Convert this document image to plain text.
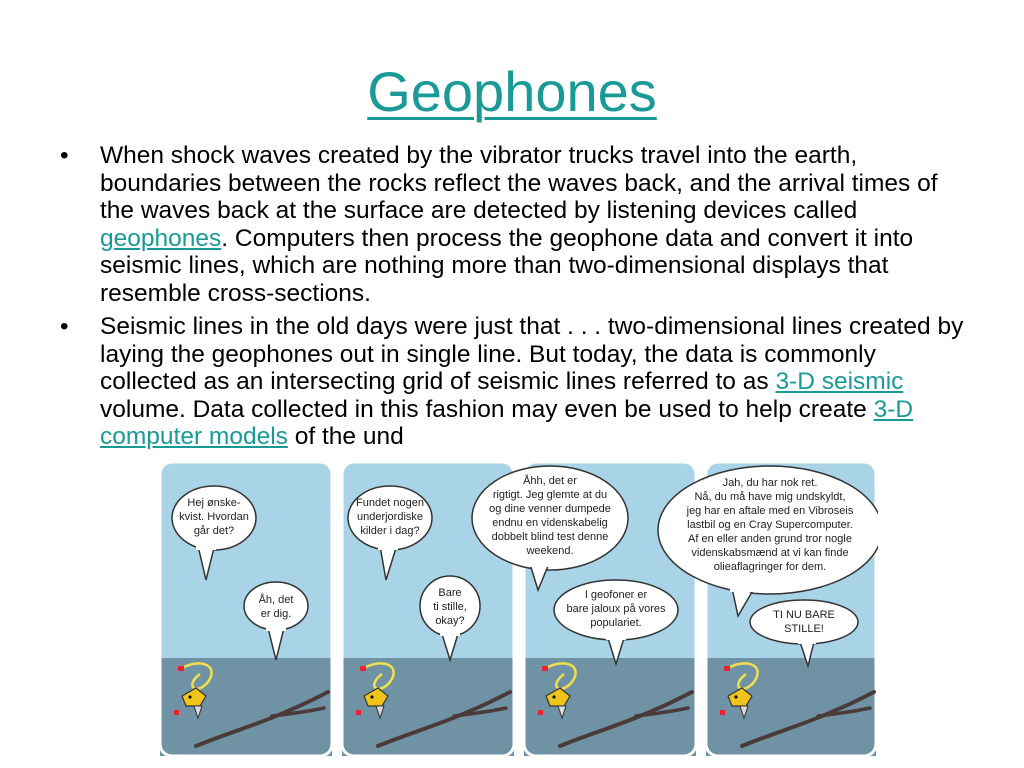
Geophones
• When shock waves created by the vibrator trucks travel into the earth, boundaries between the rocks reflect the waves back, and the arrival times of the waves back at the surface are detected by listening devices called geophones. Computers then process the geophone data and convert it into seismic lines, which are nothing more than two-dimensional displays that resemble cross-sections.
• Seismic lines in the old days were just that . . . two-dimensional lines created by laying the geophones out in single line. But today, the data is commonly collected as an intersecting grid of seismic lines referred to as 3-D seismic volume. Data collected in this fashion may even be used to help create 3-D computer models of the und
Hej ønske-kvist. Hvordan går det?
Åh, det er dig.
Fundet nogen underjordiske kilder i dag?
Bare ti stille, okay?
Åhh, det er rigtigt. Jeg glemte at du og dine venner dumpede endnu en videnskabelig dobbelt blind test denne weekend.
I geofoner er bare jaloux på vores populariet.
Jah, du har nok ret. Nå, du må have mig undskyldt, jeg har en aftale med en Vibroseis lastbil og en Cray Supercomputer. Af en eller anden grund tror nogle videnskabsmænd at vi kan finde olieaflagringer for dem.
TI NU BARE STILLE!
